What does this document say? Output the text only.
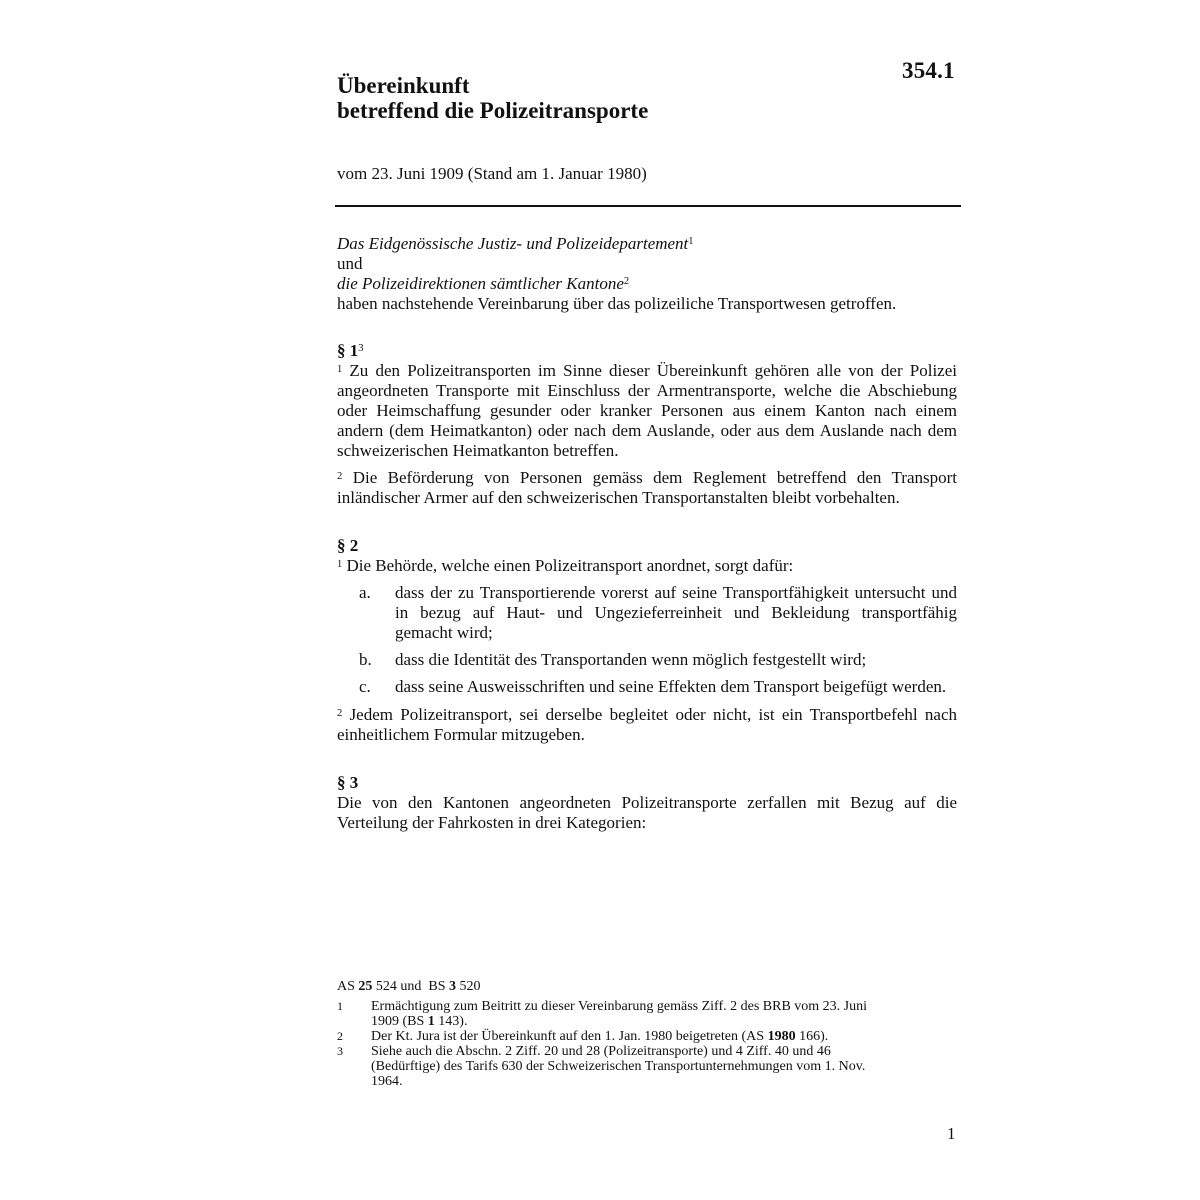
354.1
Übereinkunft
betreffend die Polizeitransporte
vom 23. Juni 1909 (Stand am 1. Januar 1980)

Das Eidgenössische Justiz- und Polizeidepartement$^1$

und

die Polizeidirektionen sämtlicher Kantone$^2$

haben nachstehende Vereinbarung über das polizeiliche Transportwesen getroffen.

§ $1^3$

$^1$ Zu den Polizeitransporten im Sinne dieser Übereinkunft gehören alle von der Polizei angeordneten Transporte mit Einschluss der Armentransporte, welche die Abschiebung oder Heimschaffung gesunder oder kranker Personen aus einem Kanton nach einem andern (dem Heimatkanton) oder nach dem Auslande, oder aus dem Auslande nach dem schweizerischen Heimatkanton betreffen.

$^2$ Die Beförderung von Personen gemäss dem Reglement betreffend den Transport inländischer Armer auf den schweizerischen Transportanstalten bleibt vorbehalten.

§ 2

$^1$ Die Behörde, welche einen Polizeitransport anordnet, sorgt dafür:

a.	dass der zu Transportierende vorerst auf seine Transportfähigkeit untersucht und in bezug auf Haut- und Ungezieferreinheit und Bekleidung transportfähig gemacht wird;
b.	dass die Identität des Transportanden wenn möglich festgestellt wird;
c.	dass seine Ausweisschriften und seine Effekten dem Transport beigefügt werden.

$^2$ Jedem Polizeitransport, sei derselbe begleitet oder nicht, ist ein Transportbefehl nach einheitlichem Formular mitzugeben.

§ 3

Die von den Kantonen angeordneten Polizeitransporte zerfallen mit Bezug auf die Verteilung der Fahrkosten in drei Kategorien:

AS 25 524 und BS 3 520
1	Ermächtigung zum Beitritt zu dieser Vereinbarung gemäss Ziff. 2 des BRB vom 23. Juni 1909 (BS 1 143).
2	Der Kt. Jura ist der Übereinkunft auf den 1. Jan. 1980 beigetreten (AS 1980 166).
3	Siehe auch die Abschn. 2 Ziff. 20 und 28 (Polizeitransporte) und 4 Ziff. 40 und 46 (Bedürftige) des Tarifs 630 der Schweizerischen Transportunternehmungen vom 1. Nov. 1964.
1
